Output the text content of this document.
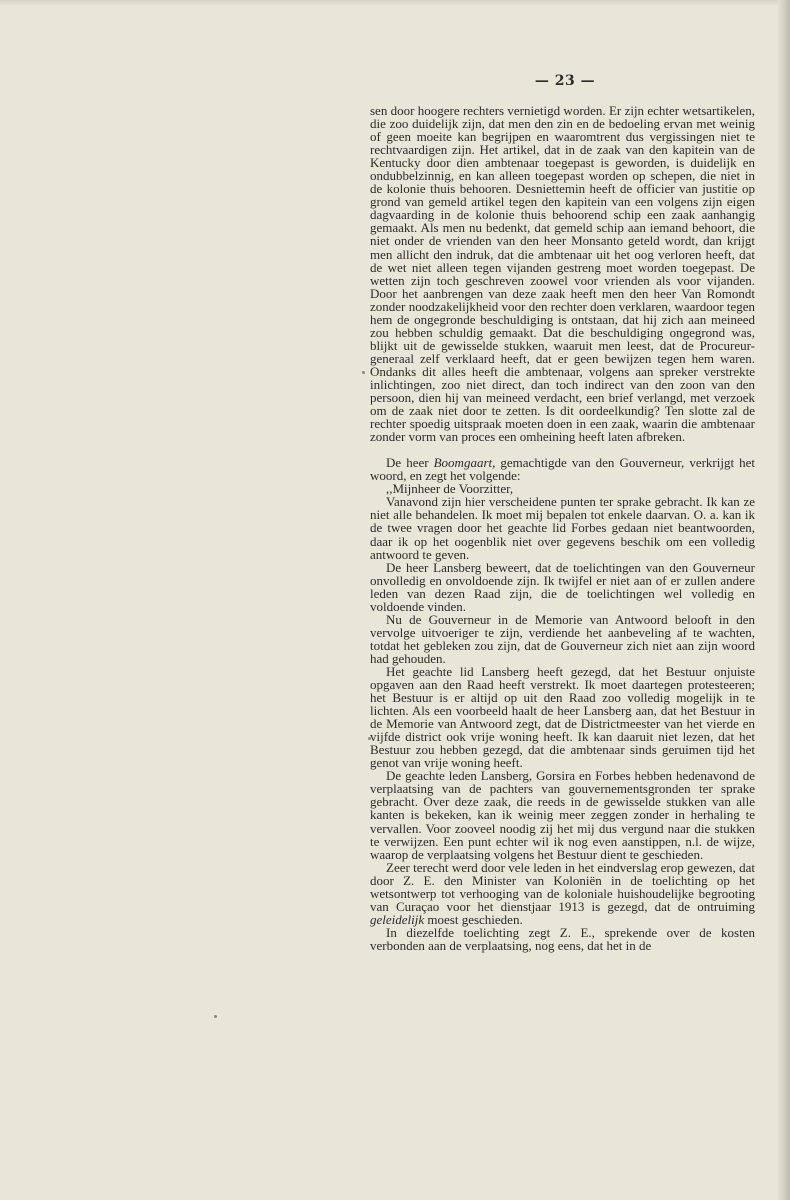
— 23 —

sen door hoogere rechters vernietigd worden. Er zijn echter wetsartikelen, die zoo duidelijk zijn, dat men den zin en de bedoeling ervan met weinig of geen moeite kan begrijpen en waaromtrent dus vergissingen niet te rechtvaardigen zijn. Het artikel, dat in de zaak van den kapitein van de Kentucky door dien ambtenaar toegepast is geworden, is duidelijk en ondubbelzinnig, en kan alleen toegepast worden op schepen, die niet in de kolonie thuis behooren. Desniettemin heeft de officier van justitie op grond van gemeld artikel tegen den kapitein van een volgens zijn eigen dagvaarding in de kolonie thuis behoorend schip een zaak aanhangig gemaakt. Als men nu bedenkt, dat gemeld schip aan iemand behoort, die niet onder de vrienden van den heer Monsanto geteld wordt, dan krijgt men allicht den indruk, dat die ambtenaar uit het oog verloren heeft, dat de wet niet alleen tegen vijanden gestreng moet worden toegepast. De wetten zijn toch geschreven zoowel voor vrienden als voor vijanden. Door het aanbrengen van deze zaak heeft men den heer Van Romondt zonder noodzakelijkheid voor den rechter doen verklaren, waardoor tegen hem de ongegronde beschuldiging is ontstaan, dat hij zich aan meineed zou hebben schuldig gemaakt. Dat die beschuldiging ongegrond was, blijkt uit de gewisselde stukken, waaruit men leest, dat de Procureur-generaal zelf verklaard heeft, dat er geen bewijzen tegen hem waren. Ondanks dit alles heeft die ambtenaar, volgens aan spreker verstrekte inlichtingen, zoo niet direct, dan toch indirect van den zoon van den persoon, dien hij van meineed verdacht, een brief verlangd, met verzoek om de zaak niet door te zetten. Is dit oordeelkundig? Ten slotte zal de rechter spoedig uitspraak moeten doen in een zaak, waarin die ambtenaar zonder vorm van proces een omheining heeft laten afbreken.

De heer Boomgaart, gemachtigde van den Gouverneur, verkrijgt het woord, en zegt het volgende:

,,Mijnheer de Voorzitter,

Vanavond zijn hier verscheidene punten ter sprake gebracht. Ik kan ze niet alle behandelen. Ik moet mij bepalen tot enkele daarvan. O. a. kan ik de twee vragen door het geachte lid Forbes gedaan niet beantwoorden, daar ik op het oogenblik niet over gegevens beschik om een volledig antwoord te geven.

De heer Lansberg beweert, dat de toelichtingen van den Gouverneur onvolledig en onvoldoende zijn. Ik twijfel er niet aan of er zullen andere leden van dezen Raad zijn, die de toelichtingen wel volledig en voldoende vinden.

Nu de Gouverneur in de Memorie van Antwoord belooft in den vervolge uitvoeriger te zijn, verdiende het aanbeveling af te wachten, totdat het gebleken zou zijn, dat de Gouverneur zich niet aan zijn woord had gehouden.

Het geachte lid Lansberg heeft gezegd, dat het Bestuur onjuiste opgaven aan den Raad heeft verstrekt. Ik moet daartegen protesteeren; het Bestuur is er altijd op uit den Raad zoo volledig mogelijk in te lichten. Als een voorbeeld haalt de heer Lansberg aan, dat het Bestuur in de Memorie van Antwoord zegt, dat de Districtmeester van het vierde en vijfde district ook vrije woning heeft. Ik kan daaruit niet lezen, dat het Bestuur zou hebben gezegd, dat die ambtenaar sinds geruimen tijd het genot van vrije woning heeft.

De geachte leden Lansberg, Gorsira en Forbes hebben hedenavond de verplaatsing van de pachters van gouvernementsgronden ter sprake gebracht. Over deze zaak, die reeds in de gewisselde stukken van alle kanten is bekeken, kan ik weinig meer zeggen zonder in herhaling te vervallen. Voor zooveel noodig zij het mij dus vergund naar die stukken te verwijzen. Een punt echter wil ik nog even aanstippen, n.l. de wijze, waarop de verplaatsing volgens het Bestuur dient te geschieden.

Zeer terecht werd door vele leden in het eindverslag erop gewezen, dat door Z. E. den Minister van Koloniën in de toelichting op het wetsontwerp tot verhooging van de koloniale huishoudelijke begrooting van Curaçao voor het dienstjaar 1913 is gezegd, dat de ontruiming geleidelijk moest geschieden.

In diezelfde toelichting zegt Z. E., sprekende over de kosten verbonden aan de verplaatsing, nog eens, dat het in de
